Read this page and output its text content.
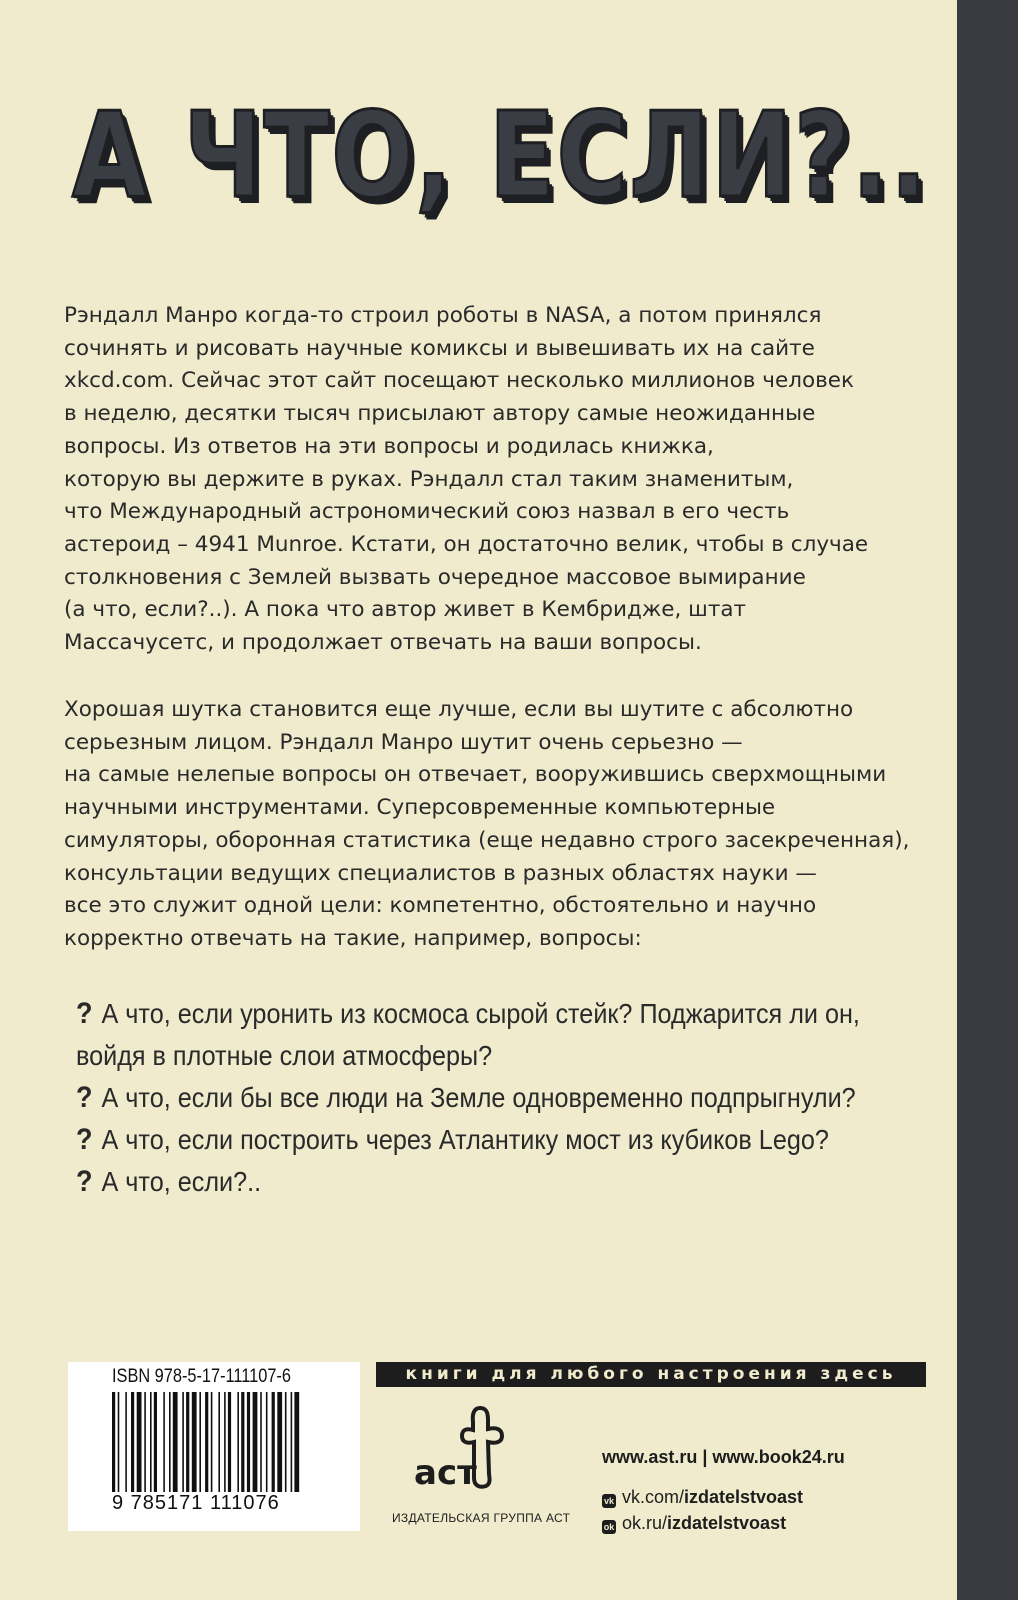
А ЧТО, ЕСЛИ?..
Рэндалл Манро когда-то строил роботы в NASA, а потом принялся
сочинять и рисовать научные комиксы и вывешивать их на сайте
xkcd.com. Сейчас этот сайт посещают несколько миллионов человек
в неделю, десятки тысяч присылают автору самые неожиданные
вопросы. Из ответов на эти вопросы и родилась книжка,
которую вы держите в руках. Рэндалл стал таким знаменитым,
что Международный астрономический союз назвал в его честь
астероид – 4941 Munroe. Кстати, он достаточно велик, чтобы в случае
столкновения с Землей вызвать очередное массовое вымирание
(а что, если?..). А пока что автор живет в Кембридже, штат
Массачусетс, и продолжает отвечать на ваши вопросы.
Хорошая шутка становится еще лучше, если вы шутите с абсолютно
серьезным лицом. Рэндалл Манро шутит очень серьезно —
на самые нелепые вопросы он отвечает, вооружившись сверхмощными
научными инструментами. Суперсовременные компьютерные
симуляторы, оборонная статистика (еще недавно строго засекреченная),
консультации ведущих специалистов в разных областях науки —
все это служит одной цели: компетентно, обстоятельно и научно
корректно отвечать на такие, например, вопросы:
? А что, если уронить из космоса сырой стейк? Поджарится ли он,
войдя в плотные слои атмосферы?
? А что, если бы все люди на Земле одновременно подпрыгнули?
? А что, если построить через Атлантику мост из кубиков Lego?
? А что, если?..
ISBN 978-5-17-111107-6
9 785171 111076
книги для любого настроения здесь
аст
ИЗДАТЕЛЬСКАЯ ГРУППА АСТ
www.ast.ru | www.book24.ru
vk vk.com/izdatelstvoast
ok ok.ru/izdatelstvoast
